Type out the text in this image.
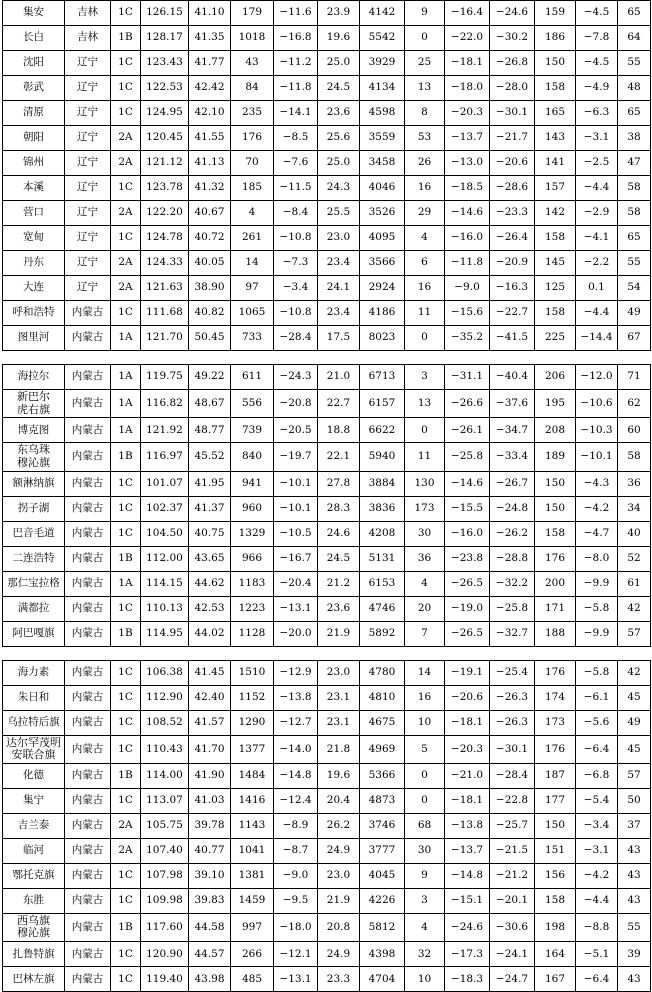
集安	吉林	1C	126.15	41.10	179	−11.6	23.9	4142	9	−16.4	−24.6	159	−4.5	65
长白	吉林	1B	128.17	41.35	1018	−16.8	19.6	5542	0	−22.0	−30.2	186	−7.8	64
沈阳	辽宁	1C	123.43	41.77	43	−11.2	25.0	3929	25	−18.1	−26.8	150	−4.5	55
彰武	辽宁	1C	122.53	42.42	84	−11.8	24.5	4134	13	−18.0	−28.0	158	−4.9	48
清原	辽宁	1C	124.95	42.10	235	−14.1	23.6	4598	8	−20.3	−30.1	165	−6.3	65
朝阳	辽宁	2A	120.45	41.55	176	−8.5	25.6	3559	53	−13.7	−21.7	143	−3.1	38
锦州	辽宁	2A	121.12	41.13	70	−7.6	25.0	3458	26	−13.0	−20.6	141	−2.5	47
本溪	辽宁	1C	123.78	41.32	185	−11.5	24.3	4046	16	−18.5	−28.6	157	−4.4	58
营口	辽宁	2A	122.20	40.67	4	−8.4	25.5	3526	29	−14.6	−23.3	142	−2.9	58
宽甸	辽宁	1C	124.78	40.72	261	−10.8	23.0	4095	4	−16.0	−26.4	158	−4.1	65
丹东	辽宁	2A	124.33	40.05	14	−7.3	23.4	3566	6	−11.8	−20.9	145	−2.2	55
大连	辽宁	2A	121.63	38.90	97	−3.4	24.1	2924	16	−9.0	−16.3	125	0.1	54
呼和浩特	内蒙古	1C	111.68	40.82	1065	−10.8	23.4	4186	11	−15.6	−22.7	158	−4.4	49
图里河	内蒙古	1A	121.70	50.45	733	−28.4	17.5	8023	0	−35.2	−41.5	225	−14.4	67
海拉尔	内蒙古	1A	119.75	49.22	611	−24.3	21.0	6713	3	−31.1	−40.4	206	−12.0	71
新巴尔
虎右旗	内蒙古	1A	116.82	48.67	556	−20.8	22.7	6157	13	−26.6	−37.6	195	−10.6	62
博克图	内蒙古	1A	121.92	48.77	739	−20.5	18.8	6622	0	−26.1	−34.7	208	−10.3	60
东乌珠
穆沁旗	内蒙古	1B	116.97	45.52	840	−19.7	22.1	5940	11	−25.8	−33.4	189	−10.1	58
额淋纳旗	内蒙古	1C	101.07	41.95	941	−10.1	27.8	3884	130	−14.6	−26.7	150	−4.3	36
拐子湖	内蒙古	1C	102.37	41.37	960	−10.1	28.3	3836	173	−15.5	−24.8	150	−4.2	34
巴音毛道	内蒙古	1C	104.50	40.75	1329	−10.5	24.6	4208	30	−16.0	−26.2	158	−4.7	40
二连浩特	内蒙古	1B	112.00	43.65	966	−16.7	24.5	5131	36	−23.8	−28.8	176	−8.0	52
那仁宝拉格	内蒙古	1A	114.15	44.62	1183	−20.4	21.2	6153	4	−26.5	−32.2	200	−9.9	61
满都拉	内蒙古	1C	110.13	42.53	1223	−13.1	23.6	4746	20	−19.0	−25.8	171	−5.8	42
阿巴嘎旗	内蒙古	1B	114.95	44.02	1128	−20.0	21.9	5892	7	−26.5	−32.7	188	−9.9	57
海力素	内蒙古	1C	106.38	41.45	1510	−12.9	23.0	4780	14	−19.1	−25.4	176	−5.8	42
朱日和	内蒙古	1C	112.90	42.40	1152	−13.8	23.1	4810	16	−20.6	−26.3	174	−6.1	45
乌拉特后旗	内蒙古	1C	108.52	41.57	1290	−12.7	23.1	4675	10	−18.1	−26.3	173	−5.6	49
达尔罕茂明
安联合旗	内蒙古	1C	110.43	41.70	1377	−14.0	21.8	4969	5	−20.3	−30.1	176	−6.4	45
化德	内蒙古	1B	114.00	41.90	1484	−14.8	19.6	5366	0	−21.0	−28.4	187	−6.8	57
集宁	内蒙古	1C	113.07	41.03	1416	−12.4	20.4	4873	0	−18.1	−22.8	177	−5.4	50
吉兰泰	内蒙古	2A	105.75	39.78	1143	−8.9	26.2	3746	68	−13.8	−25.7	150	−3.4	37
临河	内蒙古	2A	107.40	40.77	1041	−8.7	24.9	3777	30	−13.7	−21.5	151	−3.1	43
鄂托克旗	内蒙古	1C	107.98	39.10	1381	−9.0	23.0	4045	9	−14.8	−21.2	156	−4.2	43
东胜	内蒙古	1C	109.98	39.83	1459	−9.5	21.9	4226	3	−15.1	−20.1	158	−4.4	43
西乌旗
穆沁旗	内蒙古	1B	117.60	44.58	997	−18.0	20.8	5812	4	−24.6	−30.6	198	−8.8	55
扎鲁特旗	内蒙古	1C	120.90	44.57	266	−12.1	24.9	4398	32	−17.3	−24.1	164	−5.1	39
巴林左旗	内蒙古	1C	119.40	43.98	485	−13.1	23.3	4704	10	−18.3	−24.7	167	−6.4	43
